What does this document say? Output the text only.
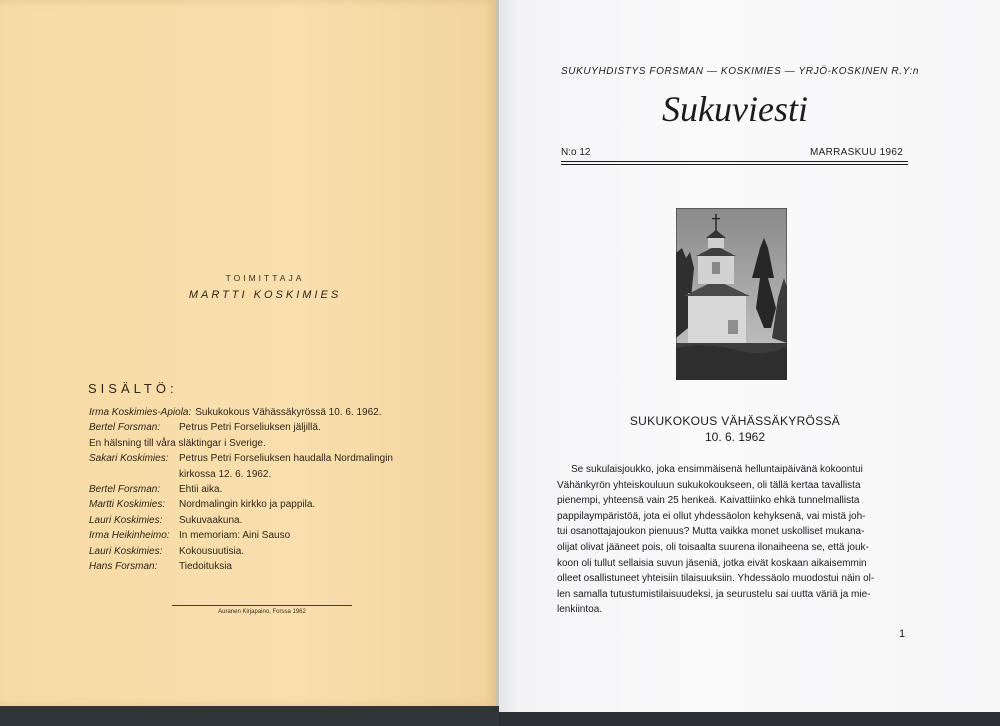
TOIMITTAJA
MARTTI KOSKIMIES
SISÄLTÖ:
Irma Koskimies-Apiola: Sukukokous Vähässäkyrössä 10. 6. 1962.
Bertel Forsman:	Petrus Petri Forseliuksen jäljillä.
En hälsning till våra släktingar i Sverige.
Sakari Koskimies:	Petrus Petri Forseliuksen haudalla Nordmalingin
kirkossa 12. 6. 1962.
Bertel Forsman:	Ehtii aika.
Martti Koskimies:	Nordmalingin kirkko ja pappila.
Lauri Koskimies:	Sukuvaakuna.
Irma Heikinheimo: In memoriam: Aini Sauso
Lauri Koskimies:	Kokousuutisia.
Hans Forsman:	Tiedoituksia
Auranen Kirjapaino, Forssa 1962
SUKUYHDISTYS FORSMAN — KOSKIMIES — YRJÖ-KOSKINEN R.Y:n
Sukuviesti
N:o 12	MARRASKUU 1962
SUKUKOKOUS VÄHÄSSÄKYRÖSSÄ
10. 6. 1962
Se sukulaisjoukko, joka ensimmäisenä helluntaipäivänä kokoontui
Vähänkyrön yhteiskouluun sukukokoukseen, oli tällä kertaa tavallista
pienempi, yhteensä vain 25 henkeä. Kaivattiinko ehkä tunnelmallista
pappilaympäristöä, jota ei ollut yhdessäolon kehyksenä, vai mistä joh-
tui osanottajajoukon pienuus? Mutta vaikka monet uskolliset mukana-
olijat olivat jääneet pois, oli toisaalta suurena ilonaiheena se, että jouk-
koon oli tullut sellaisia suvun jäseniä, jotka eivät koskaan aikaisemmin
olleet osallistuneet yhteisiin tilaisuuksiin. Yhdessäolo muodostui näin ol-
len samalla tutustumistilaisuudeksi, ja seurustelu sai uutta väriä ja mie-
lenkiintoa.
1
